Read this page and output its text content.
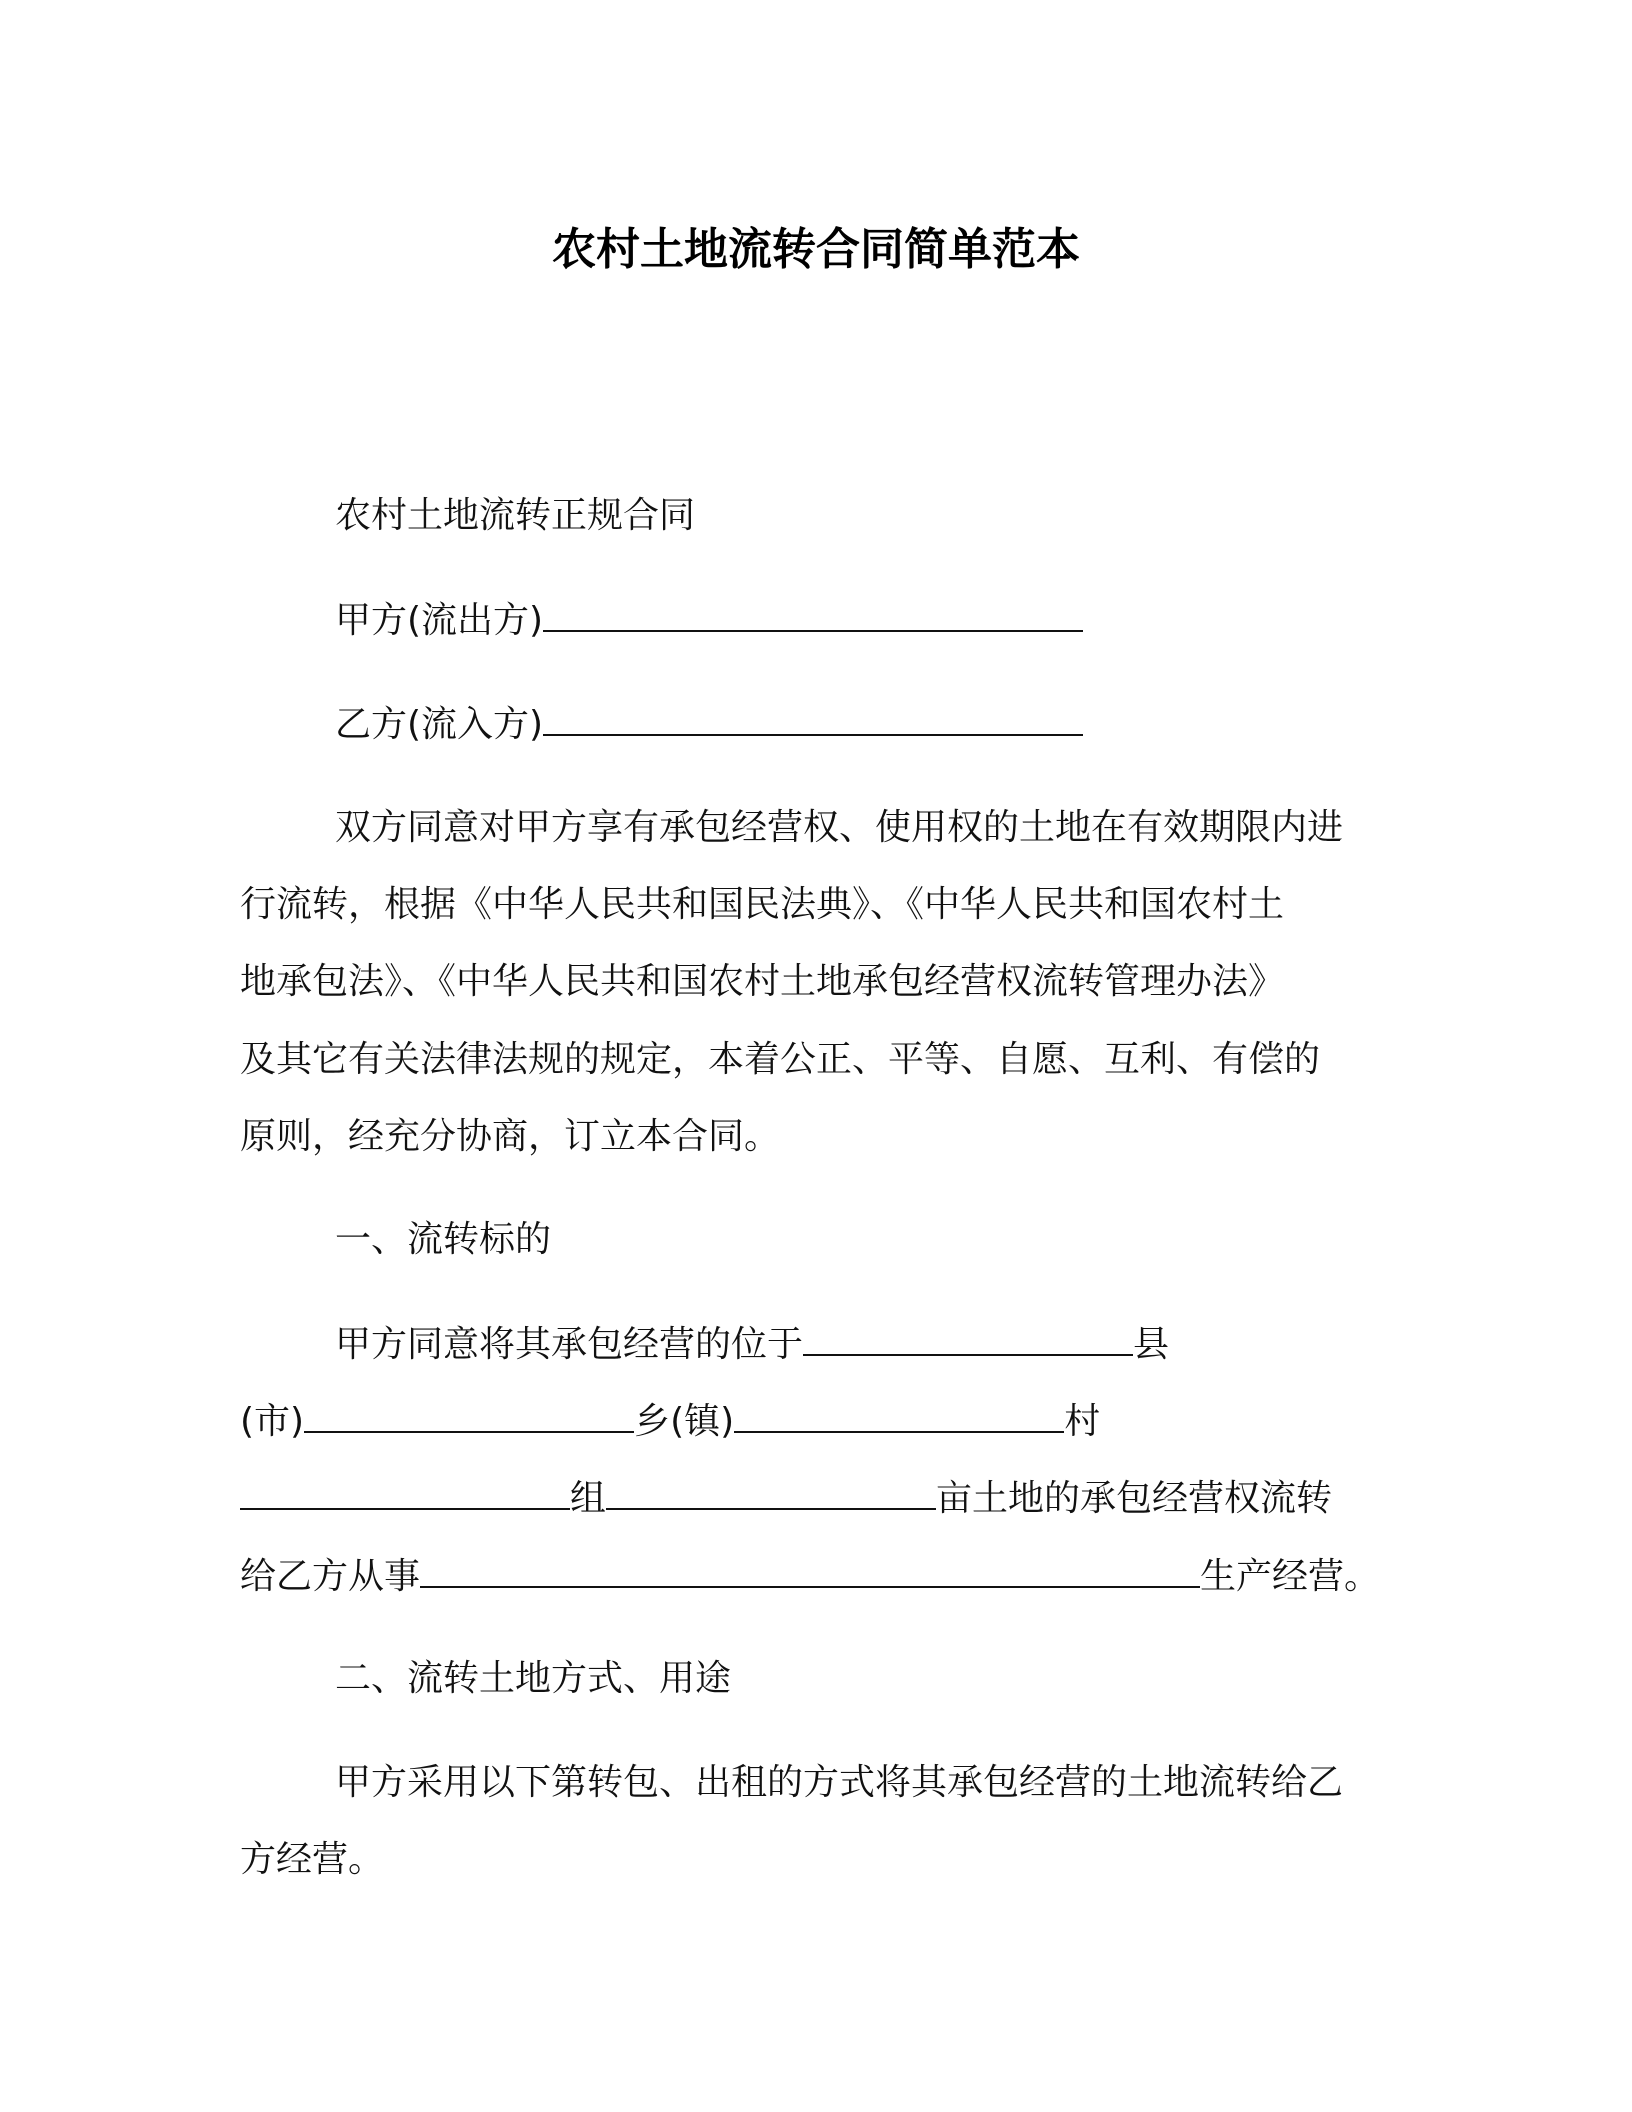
农村土地流转合同简单范本
农村土地流转正规合同
甲方(流出方)
乙方(流入方)
双方同意对甲方享有承包经营权、使用权的土地在有效期限内进
行流转，根据《中华人民共和国民法典》、《中华人民共和国农村土
地承包法》、《中华人民共和国农村土地承包经营权流转管理办法》
及其它有关法律法规的规定，本着公正、平等、自愿、互利、有偿的
原则，经充分协商，订立本合同。
一、流转标的
甲方同意将其承包经营的位于	县
(市)	乡(镇)	村
组	亩土地的承包经营权流转
给乙方从事	生产经营。
二、流转土地方式、用途
甲方采用以下第转包、出租的方式将其承包经营的土地流转给乙
方经营。
